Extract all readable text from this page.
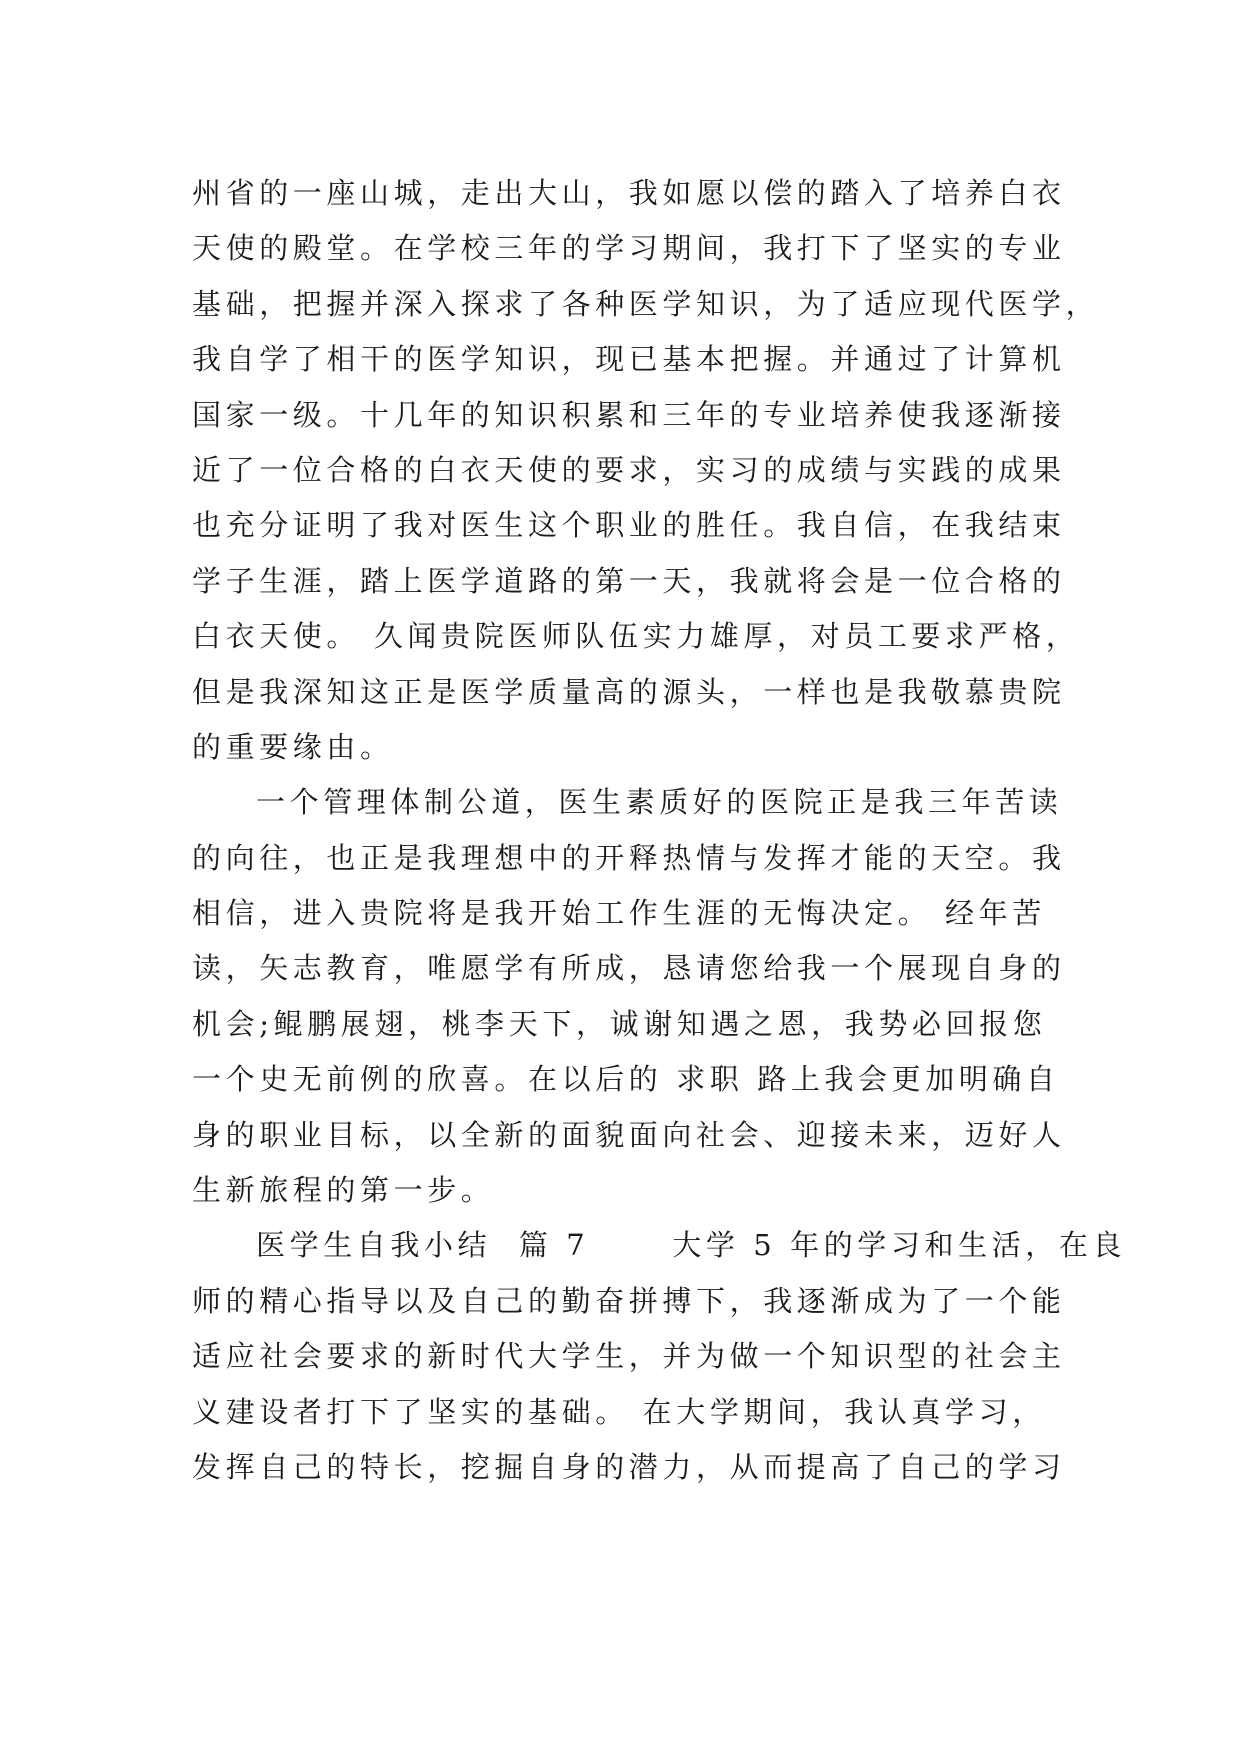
州省的一座山城，走出大山，我如愿以偿的踏入了培养白衣
天使的殿堂。在学校三年的学习期间，我打下了坚实的专业
基础，把握并深入探求了各种医学知识，为了适应现代医学，
我自学了相干的医学知识，现已基本把握。并通过了计算机
国家一级。十几年的知识积累和三年的专业培养使我逐渐接
近了一位合格的白衣天使的要求，实习的成绩与实践的成果
也充分证明了我对医生这个职业的胜任。我自信，在我结束
学子生涯，踏上医学道路的第一天，我就将会是一位合格的
白衣天使。 久闻贵院医师队伍实力雄厚，对员工要求严格，
但是我深知这正是医学质量高的源头，一样也是我敬慕贵院
的重要缘由。
一个管理体制公道，医生素质好的医院正是我三年苦读
的向往，也正是我理想中的开释热情与发挥才能的天空。我
相信，进入贵院将是我开始工作生涯的无悔决定。 经年苦
读，矢志教育，唯愿学有所成，恳请您给我一个展现自身的
机会;鲲鹏展翅，桃李天下，诚谢知遇之恩，我势必回报您
一个史无前例的欣喜。在以后的 求职 路上我会更加明确自
身的职业目标，以全新的面貌面向社会、迎接未来，迈好人
生新旅程的第一步。
医学生自我小结  篇 7      大学 5 年的学习和生活，在良
师的精心指导以及自己的勤奋拼搏下，我逐渐成为了一个能
适应社会要求的新时代大学生，并为做一个知识型的社会主
义建设者打下了坚实的基础。 在大学期间，我认真学习，
发挥自己的特长，挖掘自身的潜力，从而提高了自己的学习
